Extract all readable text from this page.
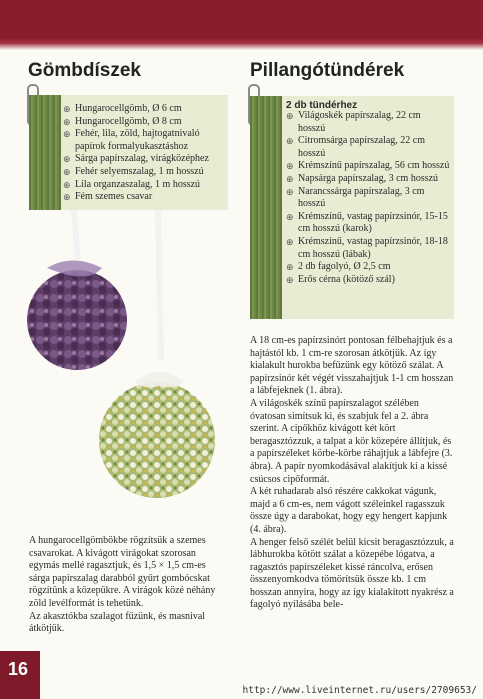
Gömbdíszek
⊕ Hungarocellgömb, Ø 6 cm
⊕ Hungarocellgömb, Ø 8 cm
⊕ Fehér, lila, zöld, hajtogatnivaló papírok formalyukasztáshoz
⊕ Sárga papírszalag, virágközéphez
⊕ Fehér selyemszalag, 1 m hosszú
⊕ Lila organzaszalag, 1 m hosszú
⊕ Fém szemes csavar

A hungarocellgömbökbe rögzítsük a szemes csavarokat. A kivágott virágokat szorosan egymás mellé ragasztjuk, és 1,5 × 1,5 cm-es sárga papírszalag darabból gyűrt gombócskat rögzítünk a közepükre. A virágok közé néhány zöld levélformát is tehetünk.

Az akasztókba szalagot fűzünk, és masnival átkötjük.

Pillangótündérek
2 db tündérhez
⊕ Világoskék papírszalag, 22 cm hosszú
⊕ Citromsárga papírszalag, 22 cm hosszú
⊕ Krémszínű papírszalag, 56 cm hosszú
⊕ Napsárga papírszalag, 3 cm hosszú
⊕ Narancssárga papírszalag, 3 cm hosszú
⊕ Krémszínű, vastag papírzsinór, 15-15 cm hosszú (karok)
⊕ Krémszínű, vastag papírzsinór, 18-18 cm hosszú (lábak)
⊕ 2 db fagolyó, Ø 2,5 cm
⊕ Erős cérna (kötöző szál)

A 18 cm-es papírzsinórt pontosan félbehajtjuk és a hajtástól kb. 1 cm-re szorosan átkötjük. Az így kialakult hurokba befűzünk egy kötöző szálat. A papírzsinór két végét visszahajtjuk 1-1 cm hosszan a lábfejeknek (1. ábra).

A világoskék színű papírszalagot szélében óvatosan simítsuk ki, és szabjuk fel a 2. ábra szerint. A cipőkhöz kivágott két kört beragasztózzuk, a talpat a kör közepére állítjuk, és a papírszéleket körbe-körbe ráhajtjuk a lábfejre (3. ábra). A papír nyomkodásával alakítjuk ki a kissé csúcsos cipőformát.

A két ruhadarab alsó részére cakkokat vágunk, majd a 6 cm-es, nem vágott széleinkel ragasszuk össze úgy a darabokat, hogy egy hengert kapjunk (4. ábra).

A henger felső szélét belül kicsit beragasztózzuk, a lábhurokba kötött szálat a közepébe lógatva, a ragasztós papírszéleket kissé ráncolva, erősen összenyomkodva tömörítsük össze kb. 1 cm hosszan annyira, hogy az így kialakított nyakrész a fagolyó nyílásába bele-

16
http://www.liveinternet.ru/users/2709653/
